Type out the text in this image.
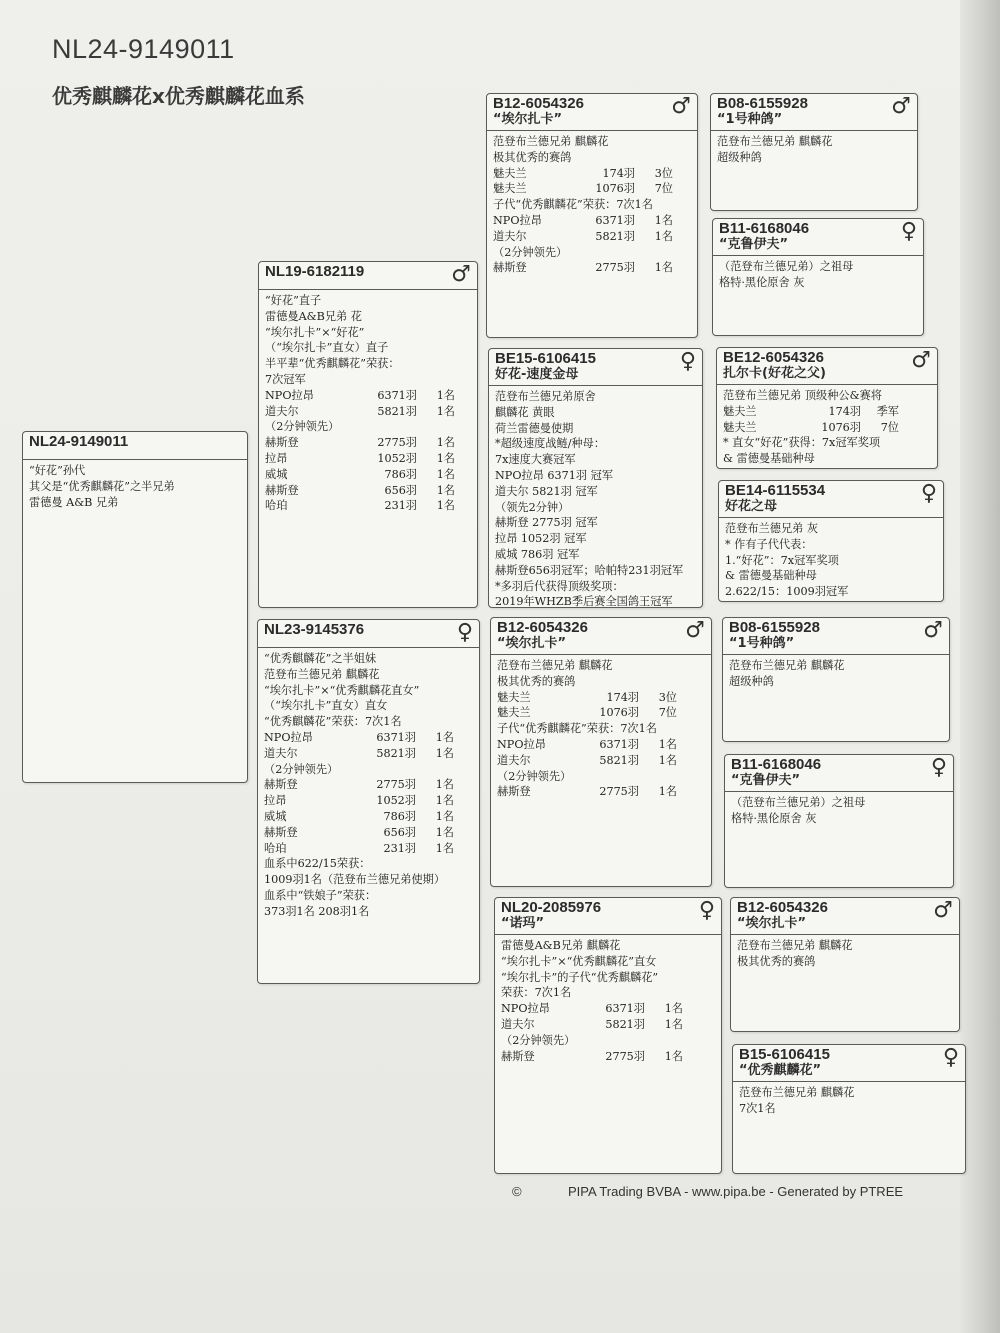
NL24-9149011
优秀麒麟花x优秀麒麟花血系
NL24-9149011
“好花”孙代
其父是“优秀麒麟花”之半兄弟
雷德曼 A&B 兄弟
NL19-6182119	♂
“好花”直子
雷德曼A&B兄弟 花
“埃尔扎卡”×“好花”
（“埃尔扎卡”直女）直子
半平辈“优秀麒麟花”荣获：
7次冠军
NPO拉昂	6371羽	1名
道夫尔	5821羽	1名
（2分钟领先）
赫斯登	2775羽	1名
拉昂	1052羽	1名
威城	786羽	1名
赫斯登	656羽	1名
哈珀	231羽	1名
NL23-9145376	♀
“优秀麒麟花”之半姐妹
范登布兰德兄弟 麒麟花
“埃尔扎卡”×“优秀麒麟花直女”
（“埃尔扎卡”直女）直女
“优秀麒麟花”荣获：7次1名
NPO拉昂	6371羽	1名
道夫尔	5821羽	1名
（2分钟领先）
赫斯登	2775羽	1名
拉昂	1052羽	1名
威城	786羽	1名
赫斯登	656羽	1名
哈珀	231羽	1名
血系中622/15荣获：
1009羽1名（范登布兰德兄弟使期）
血系中“铁娘子”荣获：
373羽1名 208羽1名
B12-6054326
“埃尔扎卡”
♂
范登布兰德兄弟 麒麟花
极其优秀的赛鸽
魅夫兰	174羽	3位
魅夫兰	1076羽	7位
子代“优秀麒麟花”荣获：7次1名
NPO拉昂	6371羽	1名
道夫尔	5821羽	1名
（2分钟领先）
赫斯登	2775羽	1名
BE15-6106415
好花-速度金母
♀
范登布兰德兄弟原舍
麒麟花 黄眼
荷兰雷德曼使期
*超级速度战鲢/种母：
7x速度大赛冠军
NPO拉昂 6371羽 冠军
道夫尔 5821羽 冠军
（领先2分钟）
赫斯登 2775羽 冠军
拉昂 1052羽 冠军
威城 786羽 冠军
赫斯登656羽冠军；哈帕特231羽冠军
*多羽后代获得顶级奖项：
2019年WHZB季后赛全国鸽王冠军
B12-6054326
“埃尔扎卡”
♂
范登布兰德兄弟 麒麟花
极其优秀的赛鸽
魅夫兰	174羽	3位
魅夫兰	1076羽	7位
子代“优秀麒麟花”荣获：7次1名
NPO拉昂	6371羽	1名
道夫尔	5821羽	1名
（2分钟领先）
赫斯登	2775羽	1名
NL20-2085976
“诺玛”
♀
雷德曼A&B兄弟 麒麟花
“埃尔扎卡”×“优秀麒麟花”直女
“埃尔扎卡”的子代“优秀麒麟花”
荣获：7次1名
NPO拉昂	6371羽	1名
道夫尔	5821羽	1名
（2分钟领先）
赫斯登	2775羽	1名
B08-6155928
“1号种鸽”
♂
范登布兰德兄弟 麒麟花
超级种鸽
B11-6168046
“克鲁伊夫”
♀
（范登布兰德兄弟）之祖母
格特·黑伦原舍 灰
BE12-6054326
扎尔卡(好花之父)
♂
范登布兰德兄弟 顶级种公&赛将
魅夫兰	174羽	季军
魅夫兰	1076羽	7位
* 直女“好花”获得：7x冠军奖项
& 雷德曼基础种母
BE14-6115534
好花之母
♀
范登布兰德兄弟 灰
* 作有子代代表：
1.“好花”：7x冠军奖项
& 雷德曼基础种母
2.622/15：1009羽冠军
B08-6155928
“1号种鸽”
♂
范登布兰德兄弟 麒麟花
超级种鸽
B11-6168046
“克鲁伊夫”
♀
（范登布兰德兄弟）之祖母
格特·黑伦原舍 灰
B12-6054326
“埃尔扎卡”
♂
范登布兰德兄弟 麒麟花
极其优秀的赛鸽
B15-6106415
“优秀麒麟花”
♀
范登布兰德兄弟 麒麟花
7次1名
©	PIPA Trading BVBA - www.pipa.be - Generated by PTREE
